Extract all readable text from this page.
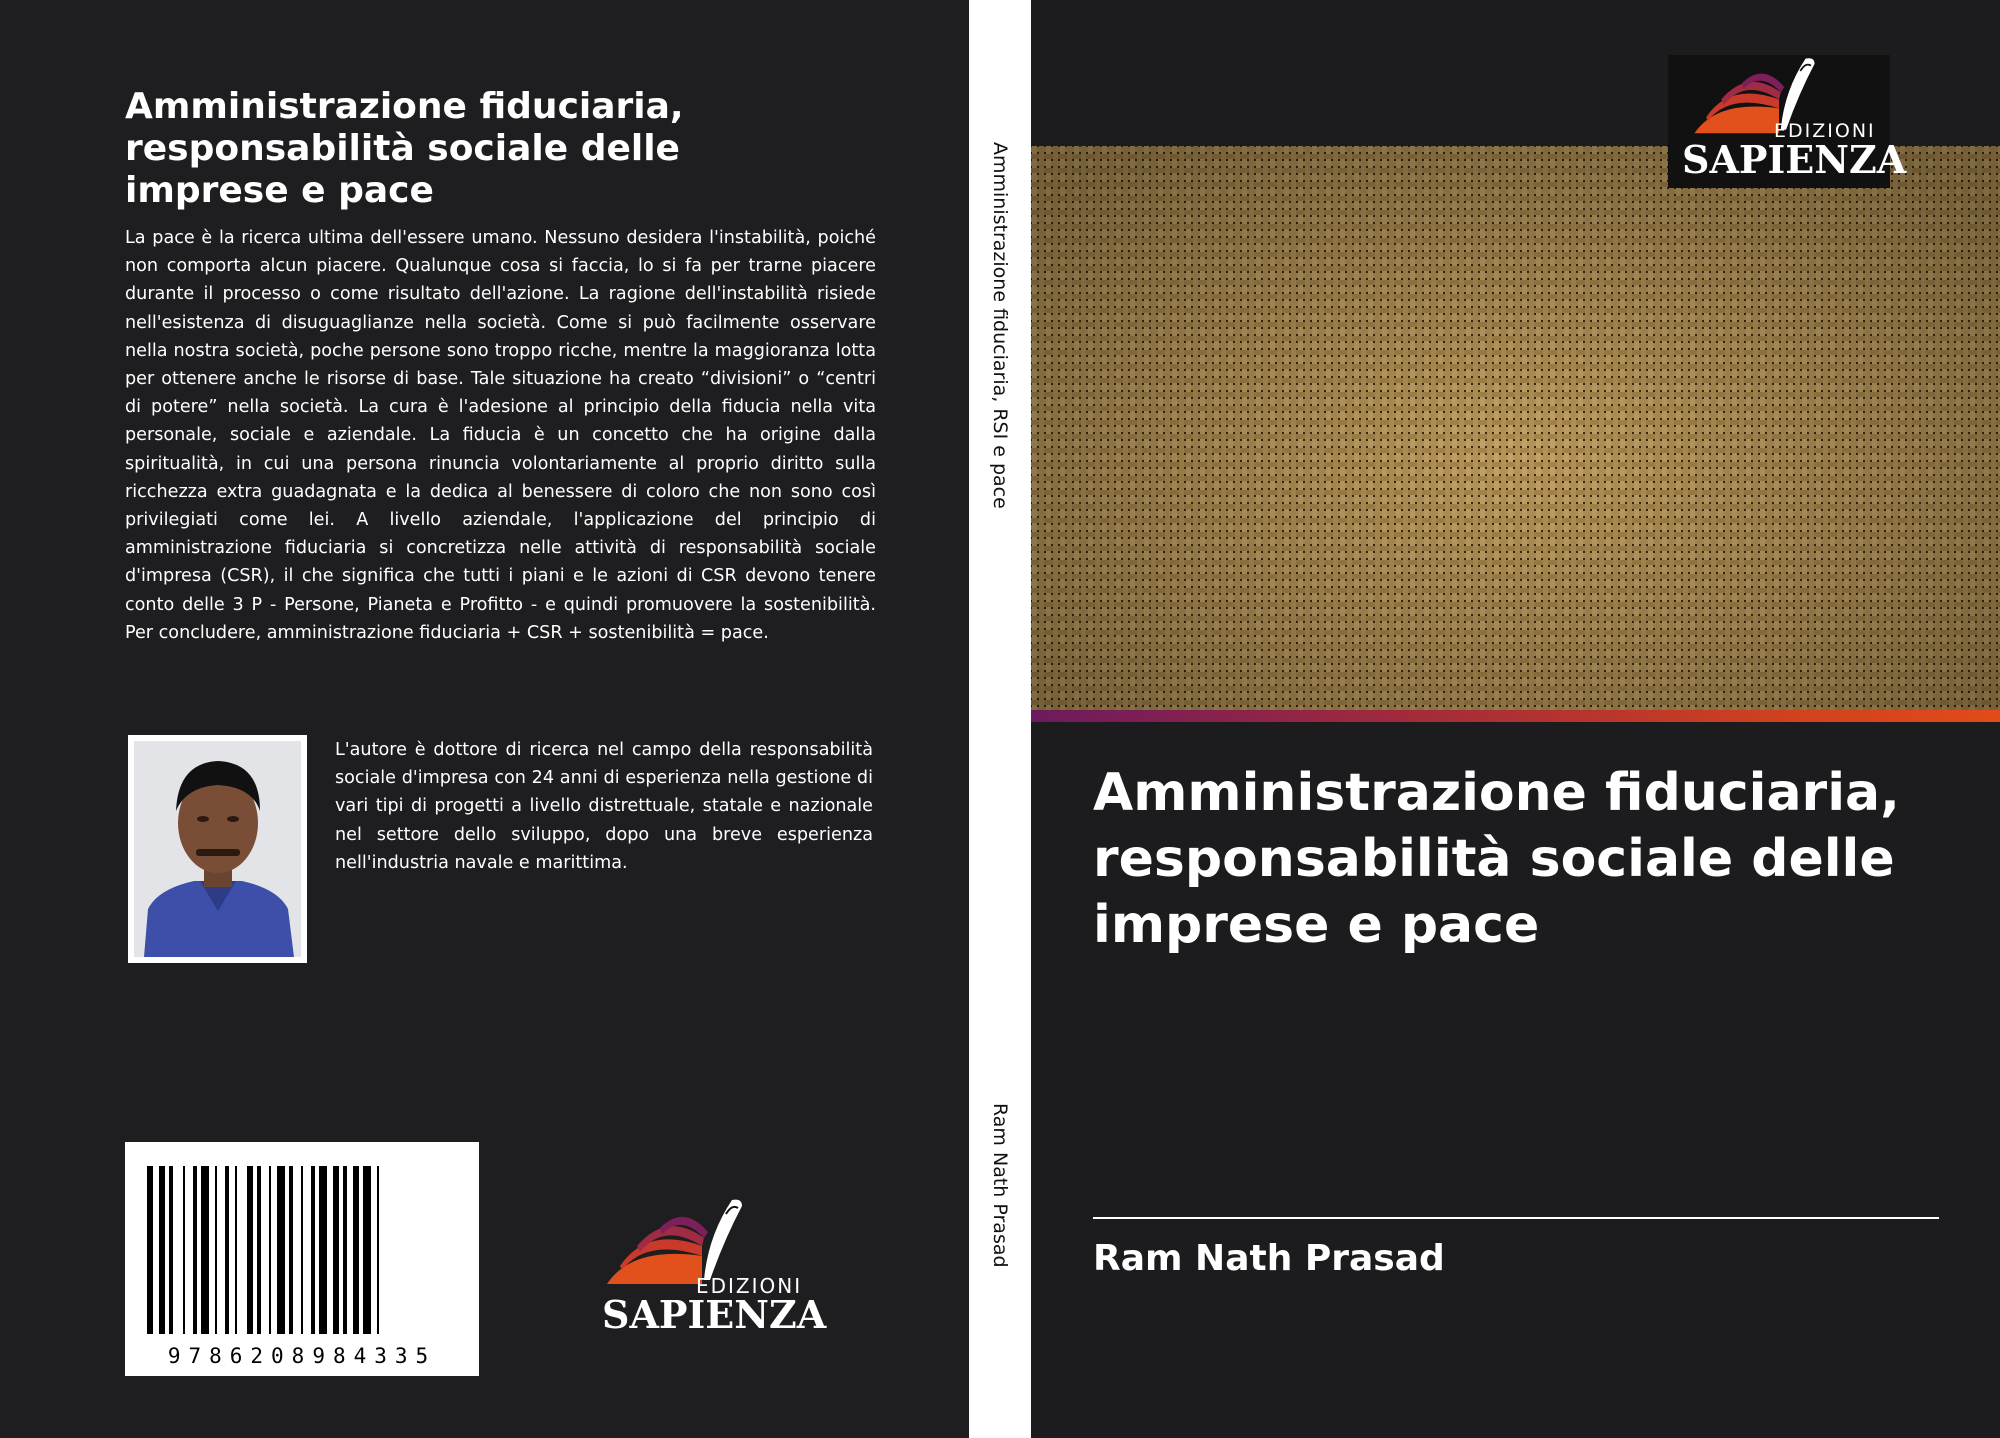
Amministrazione fiduciaria, responsabilità sociale delle imprese e pace
La pace è la ricerca ultima dell'essere umano. Nessuno desidera l'instabilità, poiché non comporta alcun piacere. Qualunque cosa si faccia, lo si fa per trarne piacere durante il processo o come risultato dell'azione. La ragione dell'instabilità risiede nell'esistenza di disuguaglianze nella società. Come si può facilmente osservare nella nostra società, poche persone sono troppo ricche, mentre la maggioranza lotta per ottenere anche le risorse di base. Tale situazione ha creato “divisioni” o “centri di potere” nella società. La cura è l'adesione al principio della fiducia nella vita personale, sociale e aziendale. La fiducia è un concetto che ha origine dalla spiritualità, in cui una persona rinuncia volontariamente al proprio diritto sulla ricchezza extra guadagnata e la dedica al benessere di coloro che non sono così privilegiati come lei. A livello aziendale, l'applicazione del principio di amministrazione fiduciaria si concretizza nelle attività di responsabilità sociale d'impresa (CSR), il che significa che tutti i piani e le azioni di CSR devono tenere conto delle 3 P - Persone, Pianeta e Profitto - e quindi promuovere la sostenibilità. Per concludere, amministrazione fiduciaria + CSR + sostenibilità = pace.
L'autore è dottore di ricerca nel campo della responsabilità sociale d'impresa con 24 anni di esperienza nella gestione di vari tipi di progetti a livello distrettuale, statale e nazionale nel settore dello sviluppo, dopo una breve esperienza nell'industria navale e marittima.
9786208984335
EDIZIONI
SAPIENZA
Amministrazione fiduciaria, RSI e pace
Ram Nath Prasad
EDIZIONI
SAPIENZA
Amministrazione fiduciaria, responsabilità sociale delle imprese e pace
Ram Nath Prasad
